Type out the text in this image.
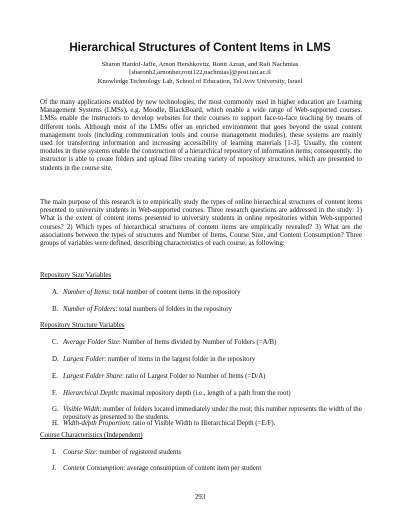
Hierarchical Structures of Content Items in LMS
Sharon Hardof-Jaffe, Arnon Hershkovitz, Ronit Azran, and Rafi Nachmias
[sharonh2,arnonher,roni122,nachmias]@post.tau.ac.il
Knowledge Technology Lab, School of Education, Tel Aviv University, Israel
Of the many applications enabled by new technologies, the most commonly used in higher education are Learning Management Systems (LMSs), e.g. Moodle, BlackBoard, which enable a wide range of Web-supported courses. LMSs enable the instructors to develop websites for their courses to support face-to-face teaching by means of different tools. Although most of the LMSs offer an enriched environment that goes beyond the usual content management tools (including communication tools and course management modules), these systems are mainly used for transferring information and increasing accessibility of learning materials [1-3]. Usually, the content modules in these systems enable the construction of a hierarchical repository of information items; consequently, the instructor is able to create folders and upload files creating variety of repository structures, which are presented to students in the course site.
The main purpose of this research is to empirically study the types of online hierarchical structures of content items presented to university students in Web-supported courses. Three research questions are addressed in the study: 1) What is the extent of content items presented to university students in online repositories within Web-supported courses? 2) Which types of hierarchical structures of content items are empirically revealed? 3) What are the associations between the types of structures and Number of Items, Course Size, and Content Consumption? Three groups of variables were defined, describing characteristics of each course, as following:
Repository Size Variables
A. Number of Items: total number of content items in the repository
B. Number of Folders: total numbers of folders in the repository
Repository Structure Variables
C. Average Folder Size: Number of Items divided by Number of Folders (=A/B)
D. Largest Folder: number of items in the largest folder in the repository
E. Largest Folder Share: ratio of Largest Folder to Number of Items (=D/A)
F. Hierarchical Depth: maximal repository depth (i.e., length of a path from the root)
G. Visible Width: number of folders located immediately under the root; this number represents the width of the repository as presented to the students.
H. Width-depth Proportion: ratio of Visible Width to Hierarchical Depth (=E/F).
Course Characteristics (Independent)
I. Course Size: number of registered students
J. Content Consumption: average consumption of content item per student
293
